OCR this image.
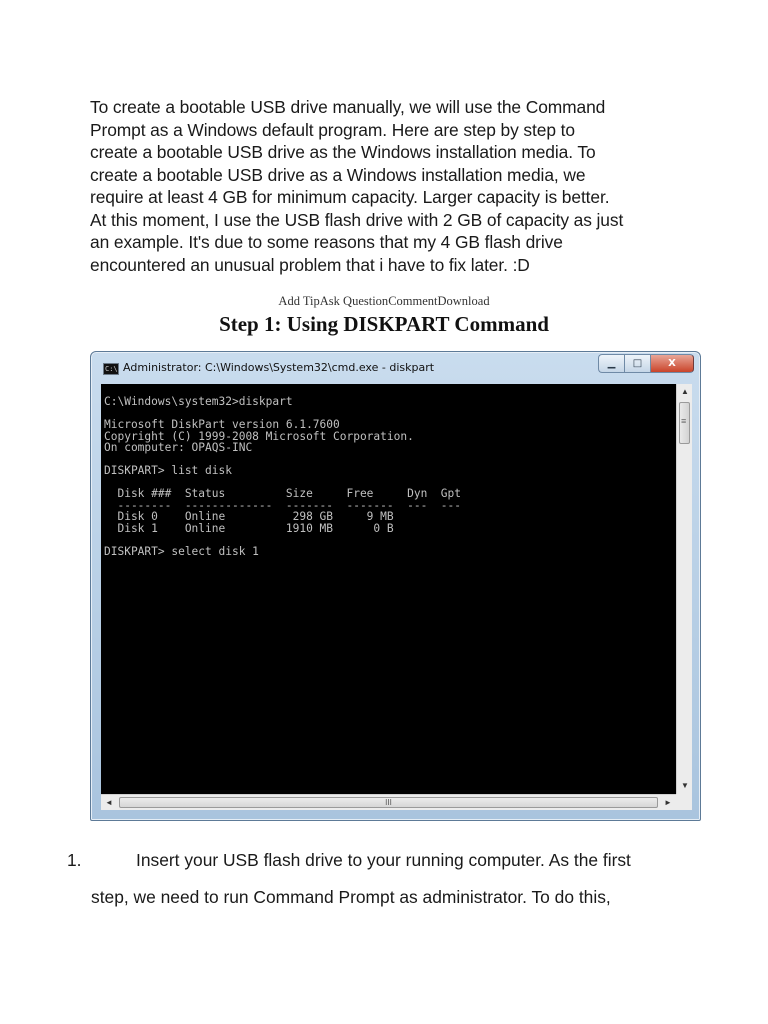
To create a bootable USB drive manually, we will use the Command
Prompt as a Windows default program. Here are step by step to
create a bootable USB drive as the Windows installation media. To
create a bootable USB drive as a Windows installation media, we
require at least 4 GB for minimum capacity. Larger capacity is better.
At this moment, I use the USB flash drive with 2 GB of capacity as just
an example. It's due to some reasons that my 4 GB flash drive
encountered an unusual problem that i have to fix later. :D
Add TipAsk QuestionCommentDownload
Step 1: Using DISKPART Command
C:\ Administrator: C:\Windows\System32\cmd.exe - diskpart	▁	□	X
C:\Windows\system32>diskpart
Microsoft DiskPart version 6.1.7600
Copyright (C) 1999-2008 Microsoft Corporation.
On computer: OPAQS-INC
DISKPART> list disk
Disk ###  Status         Size     Free     Dyn  Gpt
--------  -------------  -------  -------  ---  ---
Disk 0    Online          298 GB     9 MB
Disk 1    Online         1910 MB      0 B
DISKPART> select disk 1
▲
≡
▼
◄	III	►
1.	Insert your USB flash drive to your running computer. As the first
step, we need to run Command Prompt as administrator. To do this,
